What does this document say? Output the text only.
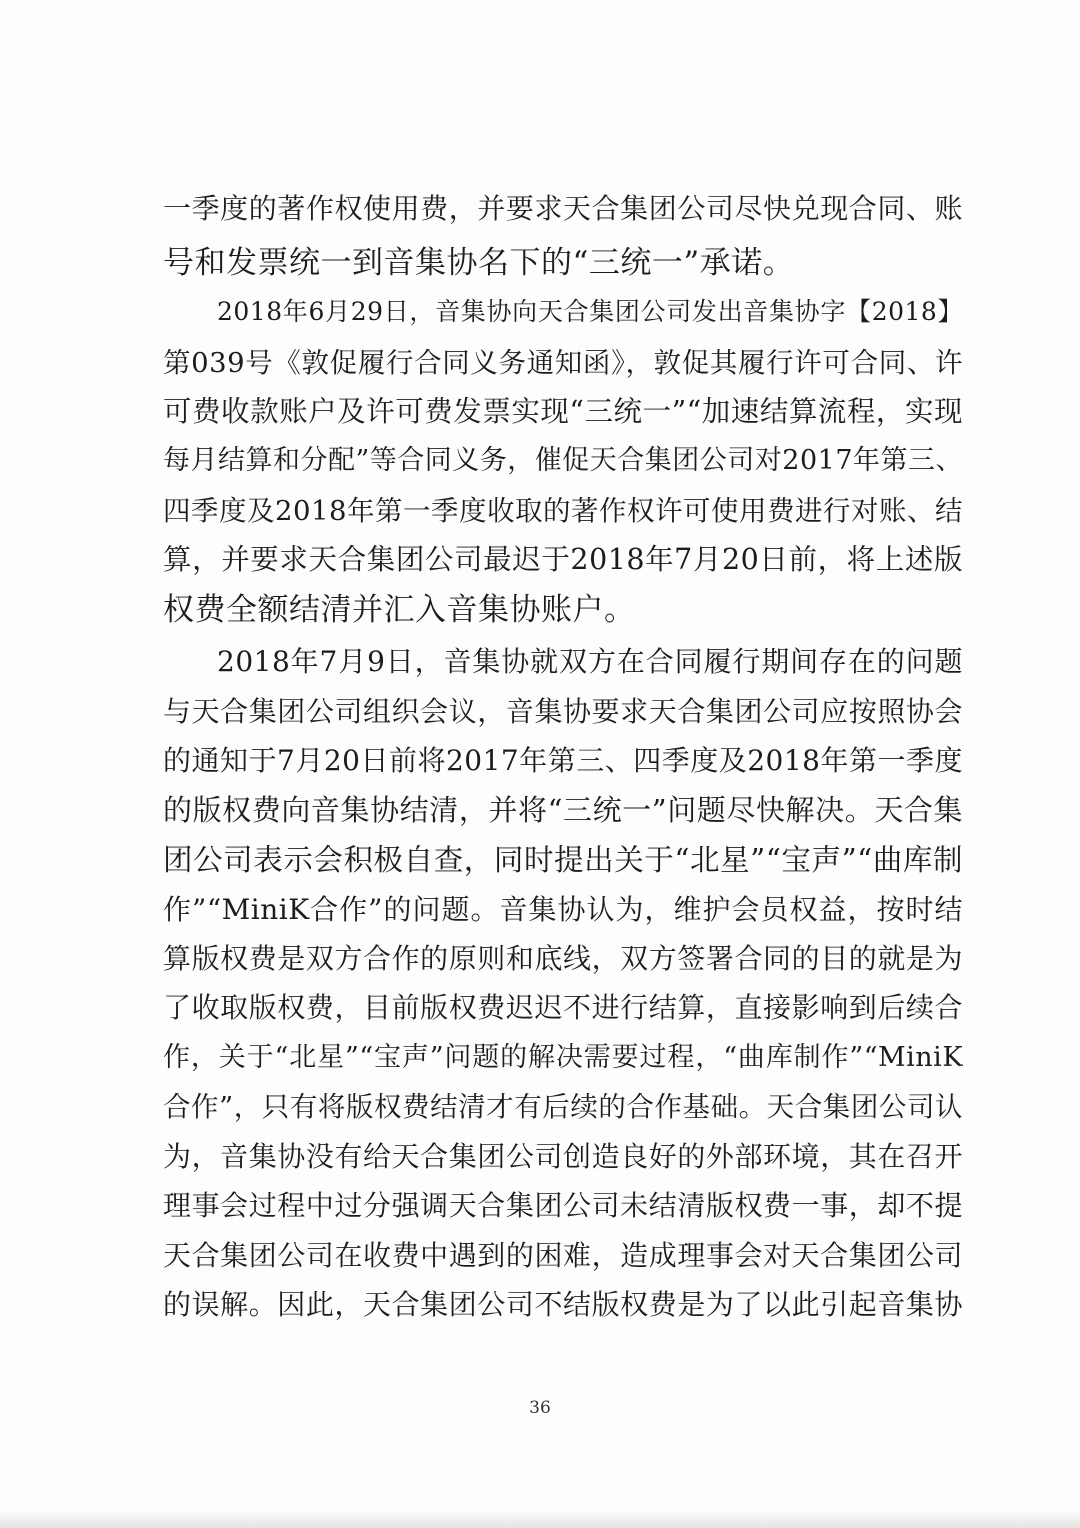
一季度的著作权使用费，并要求天合集团公司尽快兑现合同、账
号和发票统一到音集协名下的“三统一”承诺。
2018年6月29日，音集协向天合集团公司发出音集协字【2018】
第039号《敦促履行合同义务通知函》，敦促其履行许可合同、许
可费收款账户及许可费发票实现“三统一”“加速结算流程，实现
每月结算和分配”等合同义务，催促天合集团公司对2017年第三、
四季度及2018年第一季度收取的著作权许可使用费进行对账、结
算，并要求天合集团公司最迟于2018年7月20日前，将上述版
权费全额结清并汇入音集协账户。
2018年7月9日，音集协就双方在合同履行期间存在的问题
与天合集团公司组织会议，音集协要求天合集团公司应按照协会
的通知于7月20日前将2017年第三、四季度及2018年第一季度
的版权费向音集协结清，并将“三统一”问题尽快解决。天合集
团公司表示会积极自查，同时提出关于“北星”“宝声”“曲库制
作”“MiniK合作”的问题。音集协认为，维护会员权益，按时结
算版权费是双方合作的原则和底线，双方签署合同的目的就是为
了收取版权费，目前版权费迟迟不进行结算，直接影响到后续合
作，关于“北星”“宝声”问题的解决需要过程，“曲库制作”“MiniK
合作”，只有将版权费结清才有后续的合作基础。天合集团公司认
为，音集协没有给天合集团公司创造良好的外部环境，其在召开
理事会过程中过分强调天合集团公司未结清版权费一事，却不提
天合集团公司在收费中遇到的困难，造成理事会对天合集团公司
的误解。因此，天合集团公司不结版权费是为了以此引起音集协
36
